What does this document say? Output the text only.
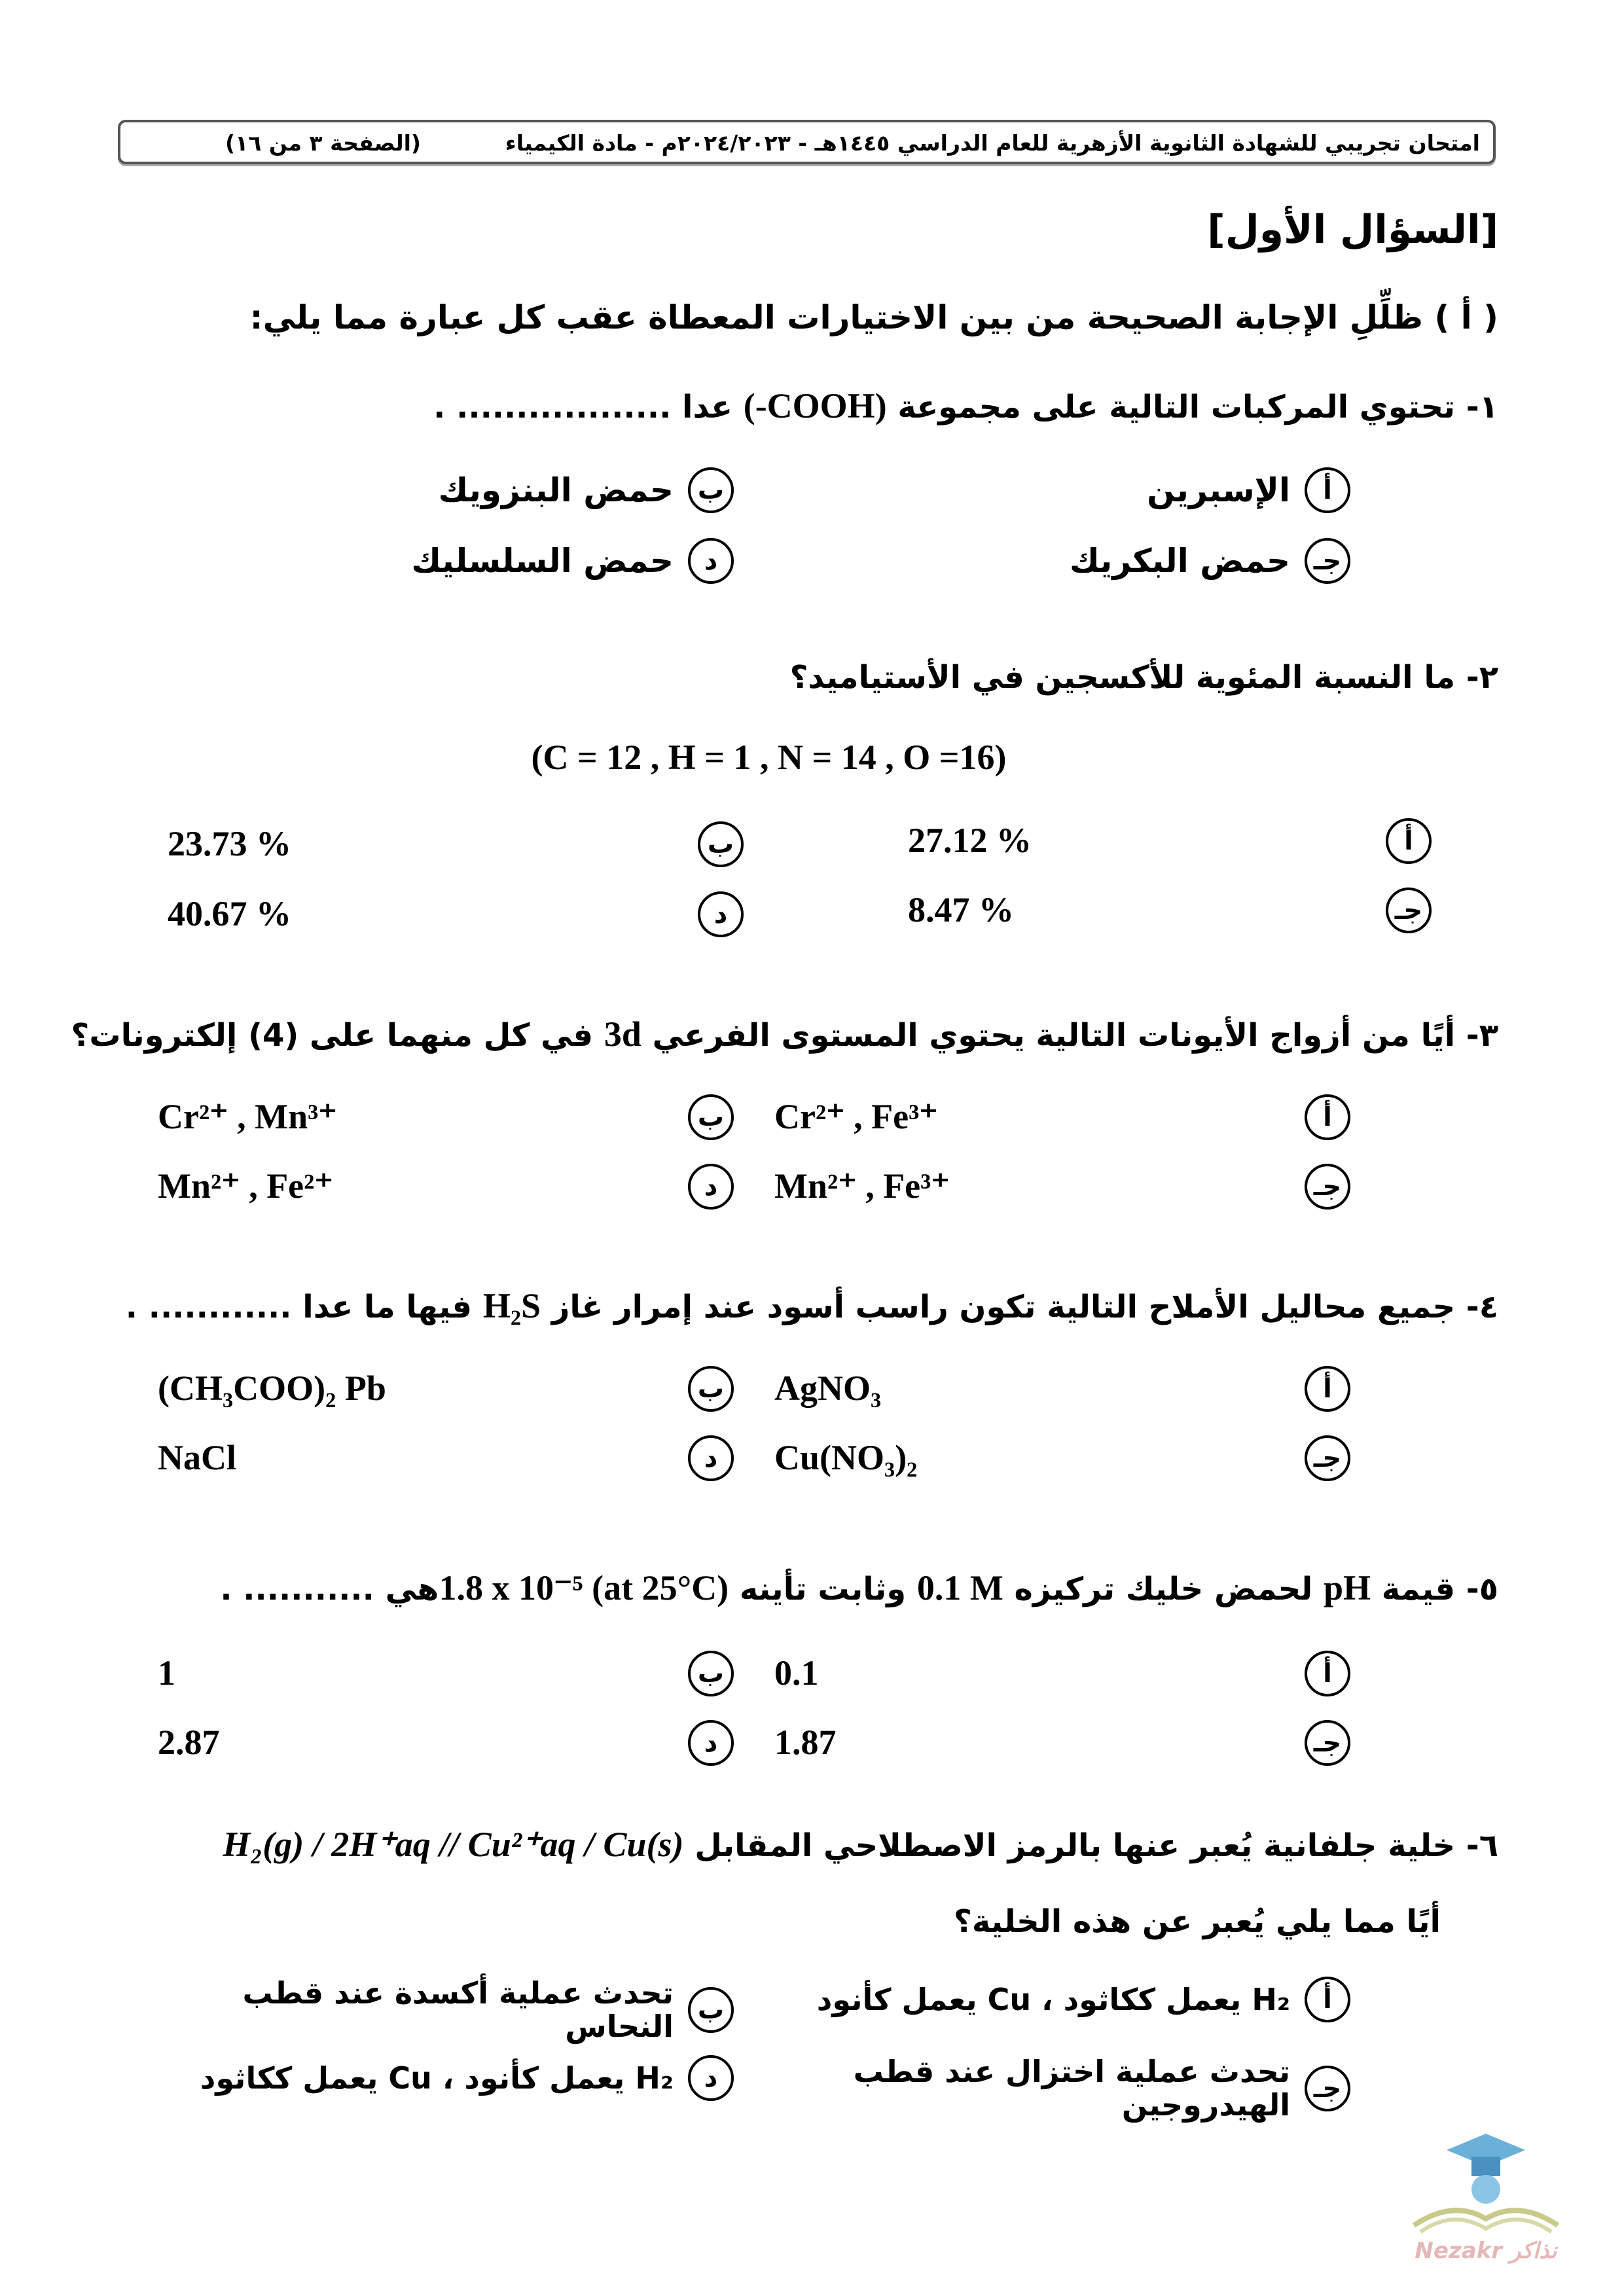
امتحان تجريبي للشهادة الثانوية الأزهرية للعام الدراسي ١٤٤٥هـ - ٢٠٢٤/٢٠٢٣م - مادة الكيمياء
(الصفحة ٣ من ١٦)
[السؤال الأول]
( أ ) ظلِّلِ الإجابة الصحيحة من بين الاختيارات المعطاة عقب كل عبارة مما يلي:
١- تحتوي المركبات التالية على مجموعة (-COOH) عدا .................. .
أ
الإسبرين
ب
حمض البنزويك
جـ
حمض البكريك
د
حمض السلسليك
٢- ما النسبة المئوية للأكسجين في الأستياميد؟
(C = 12 , H = 1 , N = 14 , O =16)
أ
27.12 %
ب
23.73 %
جـ
8.47 %
د
40.67 %
٣- أيًا من أزواج الأيونات التالية يحتوي المستوى الفرعي 3d في كل منهما على (4) إلكترونات؟
أ
Cr²⁺ , Fe³⁺
ب
Cr²⁺ , Mn³⁺
جـ
Mn²⁺ , Fe³⁺
د
Mn²⁺ , Fe²⁺
٤- جميع محاليل الأملاح التالية تكون راسب أسود عند إمرار غاز H₂S فيها ما عدا ............ .
أ
AgNO₃
ب
(CH₃COO)₂ Pb
جـ
Cu(NO₃)₂
د
NaCl
٥- قيمة pH لحمض خليك تركيزه 0.1 M وثابت تأينه 1.8 x 10⁻⁵ (at 25°C)هي ........... .
أ
0.1
ب
1
جـ
1.87
د
2.87
٦- خلية جلفانية يُعبر عنها بالرمز الاصطلاحي المقابل H₂(g) / 2H⁺aq // Cu²⁺aq / Cu(s)
أيًا مما يلي يُعبر عن هذه الخلية؟
أ
H₂ يعمل ككاثود ، Cu يعمل كأنود
ب
تحدث عملية أكسدة عند قطب النحاس
جـ
تحدث عملية اختزال عند قطب الهيدروجين
د
H₂ يعمل كأنود ، Cu يعمل ككاثود
Nezakr نذاكر
